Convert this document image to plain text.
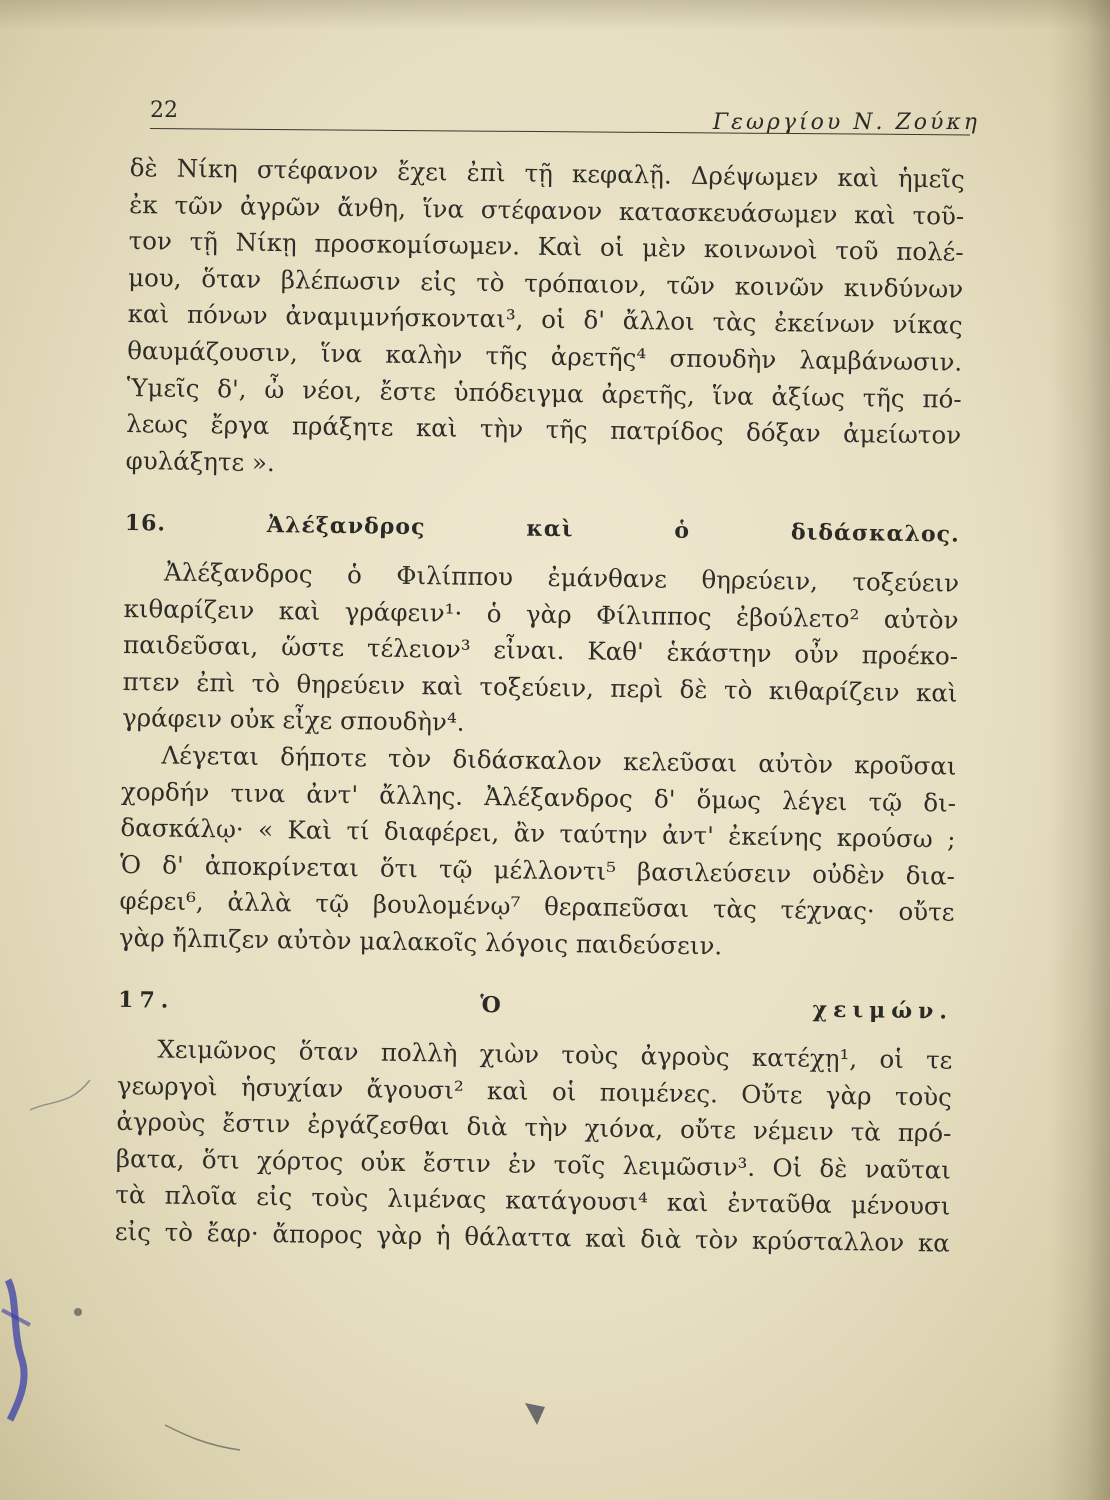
22	Γεωργίου Ν. Ζούκη
δὲ Νίκη στέφανον ἔχει ἐπὶ τῇ κεφαλῇ. Δρέψωμεν καὶ ἡμεῖς
ἐκ τῶν ἀγρῶν ἄνθη, ἵνα στέφανον κατασκευάσωμεν καὶ τοῦ-
τον τῇ Νίκῃ προσκομίσωμεν. Καὶ οἱ μὲν κοινωνοὶ τοῦ πολέ-
μου, ὅταν βλέπωσιν εἰς τὸ τρόπαιον, τῶν κοινῶν κινδύνων
καὶ πόνων ἀναμιμνήσκονται³, οἱ δ' ἄλλοι τὰς ἐκείνων νίκας
θαυμάζουσιν, ἵνα καλὴν τῆς ἀρετῆς⁴ σπουδὴν λαμβάνωσιν.
Ὑμεῖς δ', ὦ νέοι, ἔστε ὑπόδειγμα ἀρετῆς, ἵνα ἀξίως τῆς πό-
λεως ἔργα πράξητε καὶ τὴν τῆς πατρίδος δόξαν ἀμείωτον
φυλάξητε ».
16. Ἀλέξανδρος καὶ ὁ διδάσκαλος.
Ἀλέξανδρος ὁ Φιλίππου ἐμάνθανε θηρεύειν, τοξεύειν
κιθαρίζειν καὶ γράφειν¹· ὁ γὰρ Φίλιππος ἐβούλετο² αὐτὸν
παιδεῦσαι, ὥστε τέλειον³ εἶναι. Καθ' ἑκάστην οὖν προέκο-
πτεν ἐπὶ τὸ θηρεύειν καὶ τοξεύειν, περὶ δὲ τὸ κιθαρίζειν καὶ
γράφειν οὐκ εἶχε σπουδὴν⁴.
Λέγεται δήποτε τὸν διδάσκαλον κελεῦσαι αὐτὸν κροῦσαι
χορδήν τινα ἀντ' ἄλλης. Ἀλέξανδρος δ' ὅμως λέγει τῷ δι-
δασκάλῳ· « Καὶ τί διαφέρει, ἂν ταύτην ἀντ' ἐκείνης κρούσω ;
Ὁ δ' ἀποκρίνεται ὅτι τῷ μέλλοντι⁵ βασιλεύσειν οὐδὲν δια-
φέρει⁶, ἀλλὰ τῷ βουλομένῳ⁷ θεραπεῦσαι τὰς τέχνας· οὔτε
γὰρ ἤλπιζεν αὐτὸν μαλακοῖς λόγοις παιδεύσειν.
17. Ὁ χειμών.
Χειμῶνος ὅταν πολλὴ χιὼν τοὺς ἀγροὺς κατέχῃ¹, οἱ τε
γεωργοὶ ἡσυχίαν ἄγουσι² καὶ οἱ ποιμένες. Οὔτε γὰρ τοὺς
ἀγροὺς ἔστιν ἐργάζεσθαι διὰ τὴν χιόνα, οὔτε νέμειν τὰ πρό-
βατα, ὅτι χόρτος οὐκ ἔστιν ἐν τοῖς λειμῶσιν³. Οἱ δὲ ναῦται
τὰ πλοῖα εἰς τοὺς λιμένας κατάγουσι⁴ καὶ ἐνταῦθα μένουσι
εἰς τὸ ἔαρ· ἄπορος γὰρ ἡ θάλαττα καὶ διὰ τὸν κρύσταλλον κα
